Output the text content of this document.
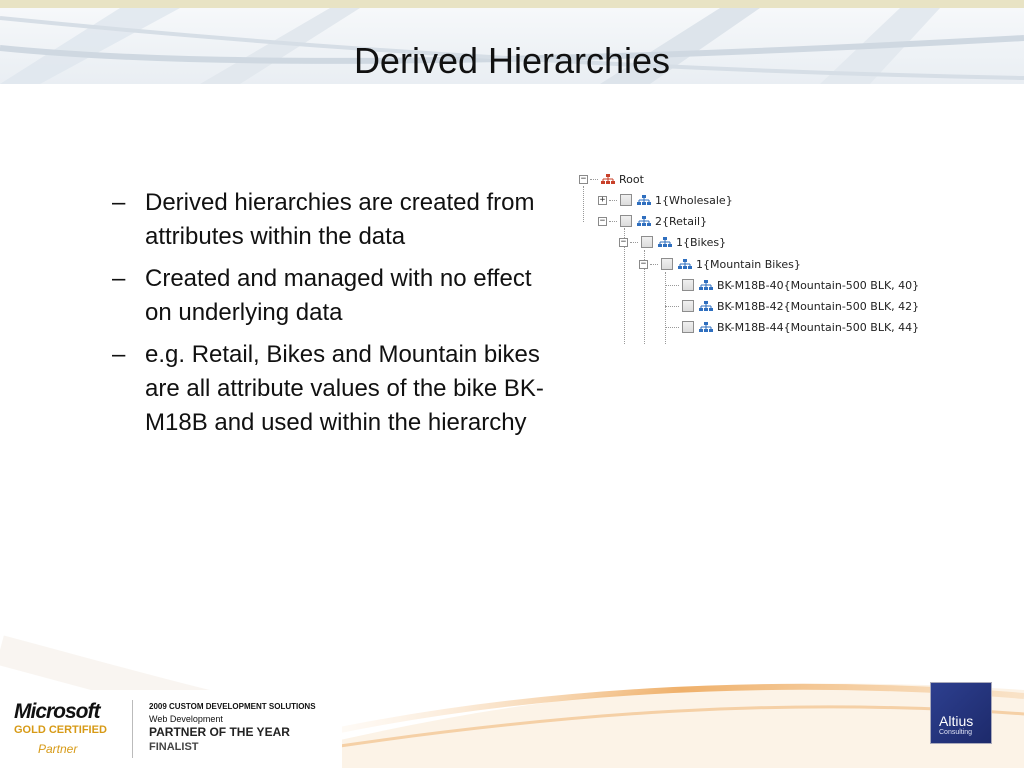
Derived Hierarchies
– Derived hierarchies are created from attributes within the data
– Created and managed with no effect on underlying data
– e.g. Retail, Bikes and Mountain bikes are all attribute values of the bike BK-M18B and used within the hierarchy
−	Root
+	1{Wholesale}
−	2{Retail}
−	1{Bikes}
−	1{Mountain Bikes}
BK-M18B-40{Mountain-500 BLK, 40}
BK-M18B-42{Mountain-500 BLK, 42}
BK-M18B-44{Mountain-500 BLK, 44}
Microsoft
GOLD CERTIFIED
Partner
2009 CUSTOM DEVELOPMENT SOLUTIONS
Web Development
PARTNER OF THE YEAR
FINALIST
Altius
Consulting
